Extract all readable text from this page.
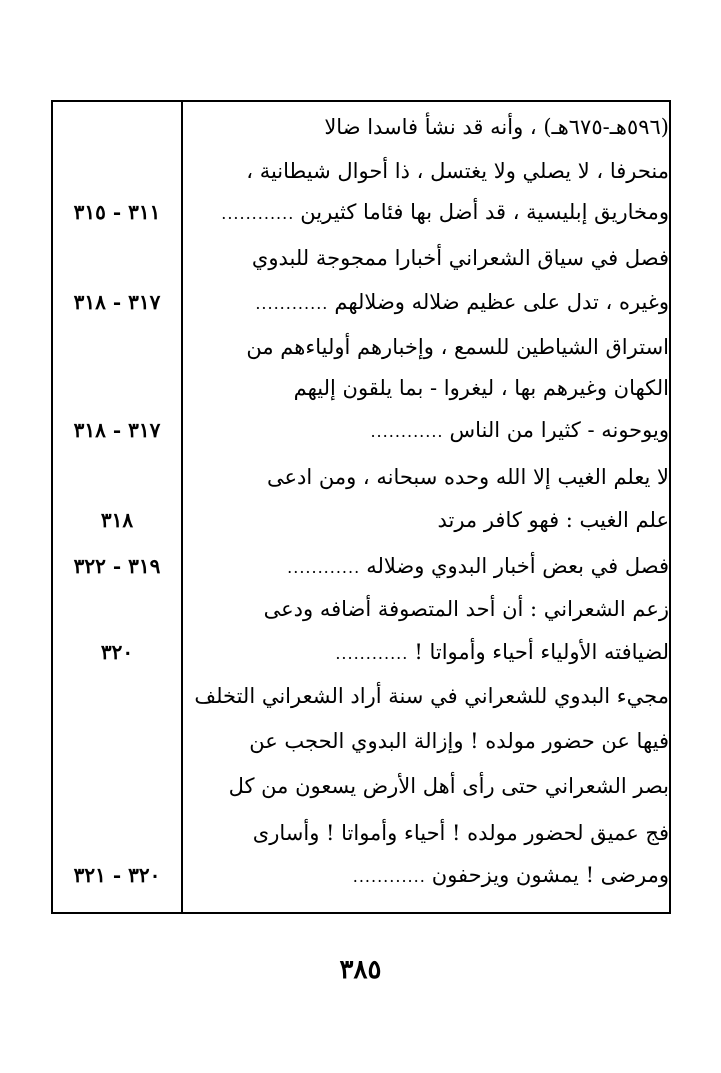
(٥٩٦هـ-٦٧٥هـ) ، وأنه قد نشأ فاسدا ضالا
منحرفا ، لا يصلي ولا يغتسل ، ذا أحوال شيطانية ،
ومخاريق إبليسية ، قد أضل بها فئاما كثيرين............
فصل في سياق الشعراني أخبارا ممجوجة للبدوي
وغيره ، تدل على عظيم ضلاله وضلالهم............
استراق الشياطين للسمع ، وإخبارهم أولياءهم من
الكهان وغيرهم بها ، ليغروا - بما يلقون إليهم
ويوحونه - كثيرا من الناس............
لا يعلم الغيب إلا الله وحده سبحانه ، ومن ادعى
علم الغيب : فهو كافر مرتد
فصل في بعض أخبار البدوي وضلاله............
زعم الشعراني : أن أحد المتصوفة أضافه ودعى
لضيافته الأولياء أحياء وأمواتا !............
مجيء البدوي للشعراني في سنة أراد الشعراني التخلف
فيها عن حضور مولده ! وإزالة البدوي الحجب عن
بصر الشعراني حتى رأى أهل الأرض يسعون من كل
فج عميق لحضور مولده ! أحياء وأمواتا ! وأسارى
ومرضى ! يمشون ويزحفون............
٣١١ - ٣١٥
٣١٧ - ٣١٨
٣١٧ - ٣١٨
٣١٨
٣١٩ - ٣٢٢
٣٢٠
٣٢٠ - ٣٢١
٣٨٥
